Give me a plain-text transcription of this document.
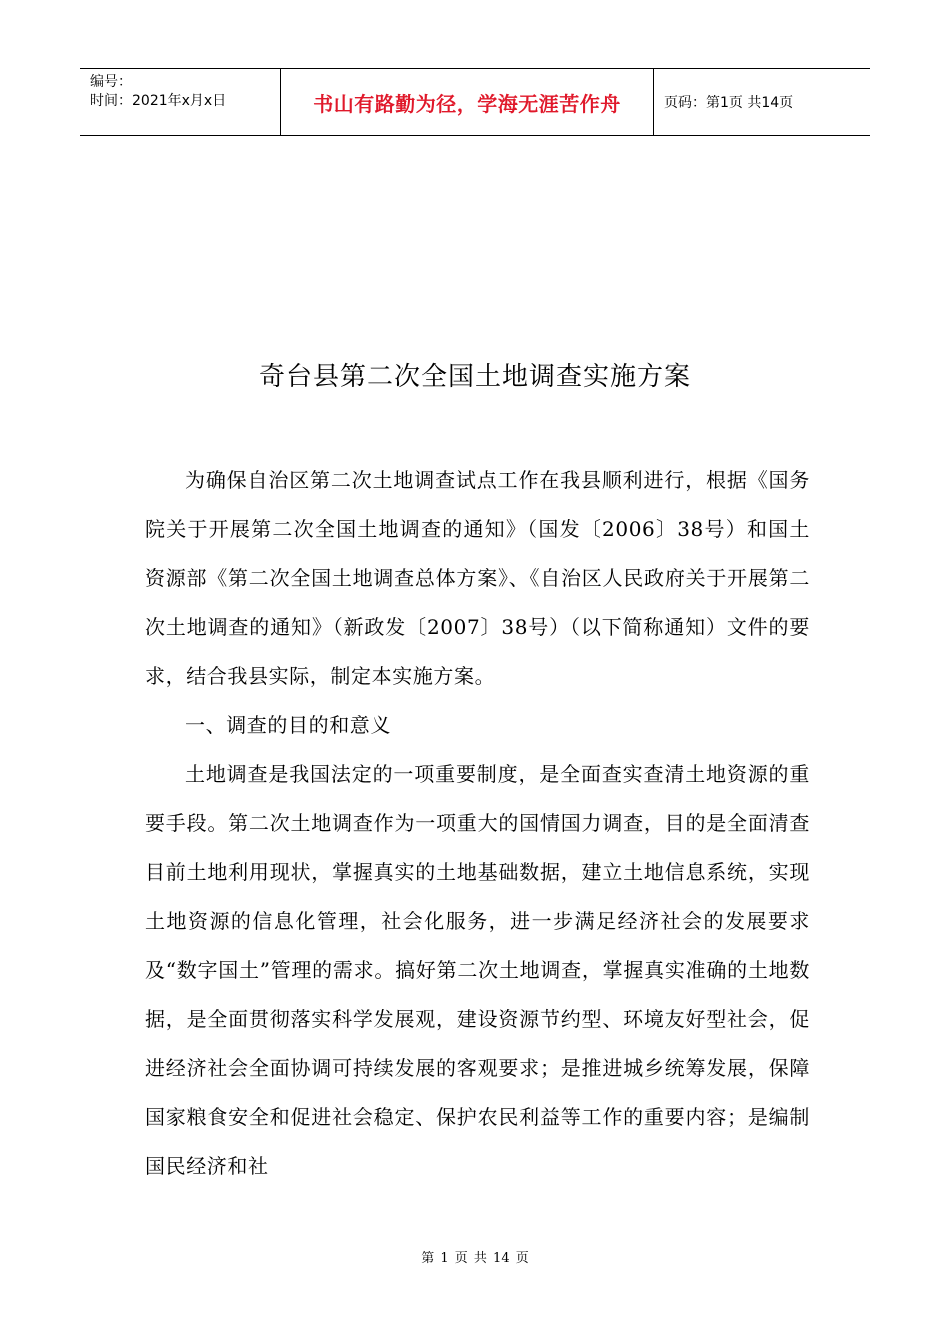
编号：
时间：2021年x月x日	书山有路勤为径，学海无涯苦作舟	页码：第1页 共14页
奇台县第二次全国土地调查实施方案

为确保自治区第二次土地调查试点工作在我县顺利进行，根据《国务院关于开展第二次全国土地调查的通知》（国发〔2006〕38号）和国土资源部《第二次全国土地调查总体方案》、《自治区人民政府关于开展第二次土地调查的通知》（新政发〔2007〕38号）（以下简称通知）文件的要求，结合我县实际，制定本实施方案。

一、调查的目的和意义

土地调查是我国法定的一项重要制度，是全面查实查清土地资源的重要手段。第二次土地调查作为一项重大的国情国力调查，目的是全面清查目前土地利用现状，掌握真实的土地基础数据，建立土地信息系统，实现土地资源的信息化管理，社会化服务，进一步满足经济社会的发展要求及“数字国土”管理的需求。搞好第二次土地调查，掌握真实准确的土地数据，是全面贯彻落实科学发展观，建设资源节约型、环境友好型社会，促进经济社会全面协调可持续发展的客观要求；是推进城乡统筹发展，保障国家粮食安全和促进社会稳定、保护农民利益等工作的重要内容；是编制国民经济和社

第 1 页 共 14 页
